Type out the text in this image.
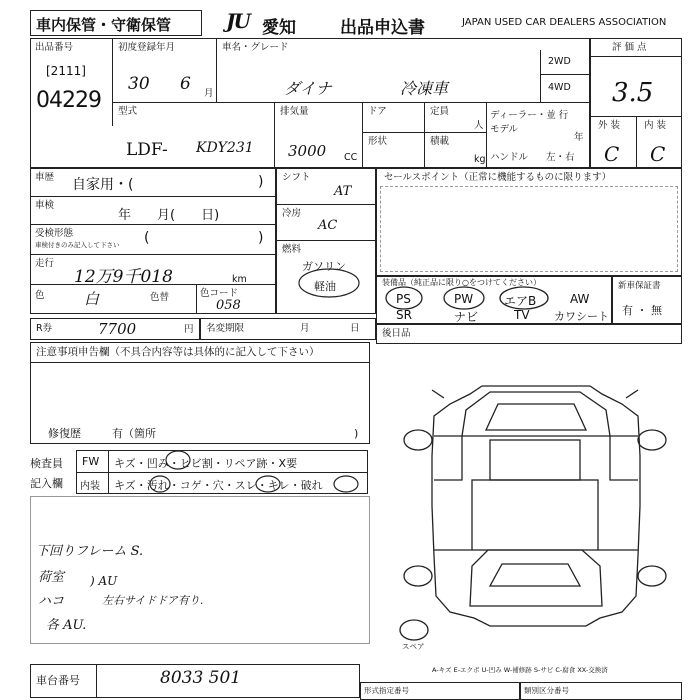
車内保管・守衛保管	JU 愛知	出品申込書	JAPAN USED CAR DEALERS ASSOCIATION
出品番号
[2111]
04229
初度登録年月
30 6 月
車名・グレード
ダイナ	冷凍車
2WD
4WD
型式
LDF- KDY231
排気量
3000 CC
ドア	定員
人
形状	積載
kg
ディーラー・並 行
モデル
年
ハンドル 左・右
評 価 点
3.5
外 装	内 装
C C
車歴 自家用・(	)
車検
年　　月(　　日)
受検形態
車検付きのみ記入して下さい (	)
走行
12万9千018	km
色	白	色替	色コード
058
シフト
AT
冷房
AC
燃料
ガソリン
軽油
セールスポイント（正常に機能するものに限ります）
装備品（純正品に限り○をつけてください）
PS	PW	エアB	AW
SR	ナビ	TV カワシート
新車保証書
有 ・ 無
R券	7700	円 名変期限	月	日 後日品
注意事項申告欄（不具合内容等は具体的に記入して下さい）
修復歴	有（箇所	)
検査員
記入欄
FW キズ・凹み・ヒビ割・リペア跡・X要
内装 キズ・汚れ・コゲ・穴・スレ・キレ・破れ
下回りフレーム S.
荷室
ハコ
) AU
左右サイドドア有り.
各 AU.
スペア
A-キズ E-エクボ U-凹み W-補修跡 S-サビ C-腐食 XX-交換済
車台番号	8033 501
形式指定番号	類別区分番号
